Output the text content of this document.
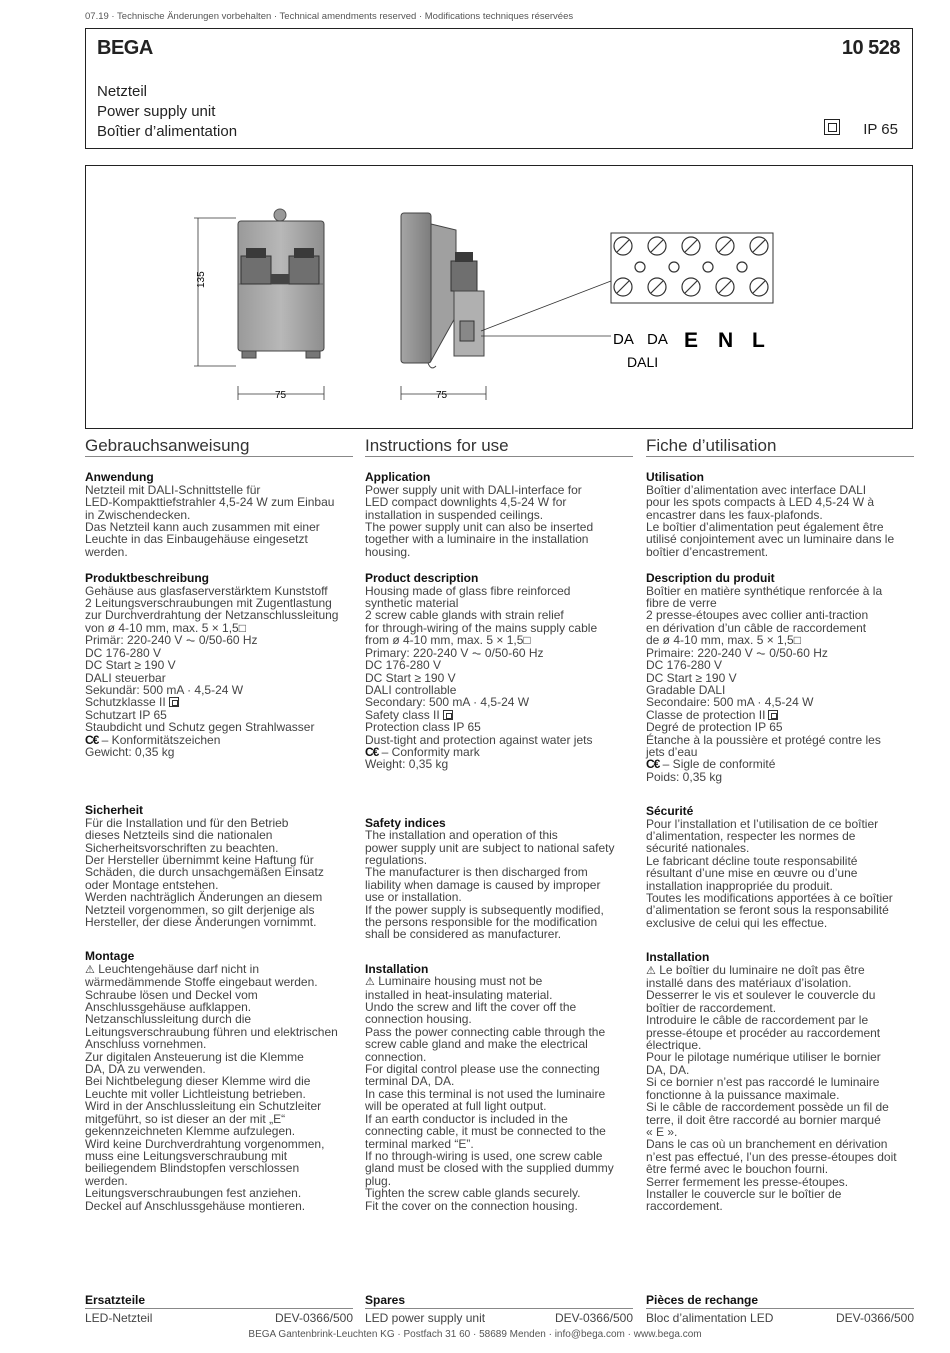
07.19 · Technische Änderungen vorbehalten · Technical amendments reserved · Modifications techniques réservées
BEGA	10 528
Netzteil
Power supply unit
Boîtier d’alimentation	IP 65
135
75	75
DA DA E N L
DALI
Gebrauchsanweisung
Anwendung

Netzteil mit DALI-Schnittstelle für
LED-Kompakttiefstrahler 4,5-24 W zum Einbau
in Zwischendecken.
Das Netzteil kann auch zusammen mit einer
Leuchte in das Einbaugehäuse eingesetzt
werden.

Produktbeschreibung

Gehäuse aus glasfaserverstärktem Kunststoff
2 Leitungsverschraubungen mit Zugentlastung
zur Durchverdrahtung der Netzanschlussleitung
von ø 4-10 mm, max. 5 × 1,5□
Primär: 220-240 V ⏦ 0/50-60 Hz
DC 176-280 V
DC Start ≥ 190 V
DALI steuerbar
Sekundär: 500 mA · 4,5-24 W

Schutzklasse II

Schutzart IP 65
Staubdicht und Schutz gegen Strahlwasser

C€ – Konformitätszeichen

Gewicht: 0,35 kg

Sicherheit

Für die Installation und für den Betrieb
dieses Netzteils sind die nationalen
Sicherheitsvorschriften zu beachten.
Der Hersteller übernimmt keine Haftung für
Schäden, die durch unsachgemäßen Einsatz
oder Montage entstehen.
Werden nachträglich Änderungen an diesem
Netzteil vorgenommen, so gilt derjenige als
Hersteller, der diese Änderungen vornimmt.

Montage

⚠ Leuchtengehäuse darf nicht in

wärmedämmende Stoffe eingebaut werden.
Schraube lösen und Deckel vom
Anschlussgehäuse aufklappen.
Netzanschlussleitung durch die
Leitungsverschraubung führen und elektrischen
Anschluss vornehmen.
Zur digitalen Ansteuerung ist die Klemme
DA, DA zu verwenden.
Bei Nichtbelegung dieser Klemme wird die
Leuchte mit voller Lichtleistung betrieben.
Wird in der Anschlussleitung ein Schutzleiter
mitgeführt, so ist dieser an der mit „E“
gekennzeichneten Klemme aufzulegen.
Wird keine Durchverdrahtung vorgenommen,
muss eine Leitungsverschraubung mit
beiliegendem Blindstopfen verschlossen
werden.
Leitungsverschraubungen fest anziehen.
Deckel auf Anschlussgehäuse montieren.

Instructions for use
Application

Power supply unit with DALI-interface for
LED compact downlights 4,5-24 W for
installation in suspended ceilings.
The power supply unit can also be inserted
together with a luminaire in the installation
housing.

Product description

Housing made of glass fibre reinforced
synthetic material
2 screw cable glands with strain relief
for through-wiring of the mains supply cable
from ø 4-10 mm, max. 5 × 1,5□
Primary: 220-240 V ⏦ 0/50-60 Hz
DC 176-280 V
DC Start ≥ 190 V
DALI controllable
Secondary: 500 mA · 4,5-24 W

Safety class II

Protection class IP 65
Dust-tight and protection against water jets

C€ – Conformity mark

Weight: 0,35 kg

Safety indices

The installation and operation of this
power supply unit are subject to national safety
regulations.
The manufacturer is then discharged from
liability when damage is caused by improper
use or installation.
If the power supply is subsequently modified,
the persons responsible for the modification
shall be considered as manufacturer.

Installation

⚠ Luminaire housing must not be

installed in heat-insulating material.
Undo the screw and lift the cover off the
connection housing.
Pass the power connecting cable through the
screw cable gland and make the electrical
connection.
For digital control please use the connecting
terminal DA, DA.
In case this terminal is not used the luminaire
will be operated at full light output.
If an earth conductor is included in the
connecting cable, it must be connected to the
terminal marked “E”.
If no through-wiring is used, one screw cable
gland must be closed with the supplied dummy
plug.
Tighten the screw cable glands securely.
Fit the cover on the connection housing.

Fiche d’utilisation
Utilisation

Boîtier d’alimentation avec interface DALI
pour les spots compacts à LED 4,5-24 W à
encastrer dans les faux-plafonds.
Le boîtier d’alimentation peut également être
utilisé conjointement avec un luminaire dans le
boîtier d’encastrement.

Description du produit

Boîtier en matière synthétique renforcée à la
fibre de verre
2 presse-étoupes avec collier anti-traction
en dérivation d’un câble de raccordement
de ø 4-10 mm, max. 5 × 1,5□
Primaire: 220-240 V ⏦ 0/50-60 Hz
DC 176-280 V
DC Start ≥ 190 V
Gradable DALI
Secondaire: 500 mA · 4,5-24 W

Classe de protection II

Degré de protection IP 65
Étanche à la poussière et protégé contre les
jets d’eau

C€ – Sigle de conformité

Poids: 0,35 kg

Sécurité

Pour l’installation et l’utilisation de ce boîtier
d’alimentation, respecter les normes de
sécurité nationales.
Le fabricant décline toute responsabilité
résultant d’une mise en œuvre ou d’une
installation inappropriée du produit.
Toutes les modifications apportées à ce boîtier
d’alimentation se feront sous la responsabilité
exclusive de celui qui les effectue.

Installation

⚠ Le boîtier du luminaire ne doît pas être

installé dans des matériaux d’isolation.
Desserrer le vis et soulever le couvercle du
boîtier de raccordement.
Introduire le câble de raccordement par le
presse-étoupe et procéder au raccordement
électrique.
Pour le pilotage numérique utiliser le bornier
DA, DA.
Si ce bornier n’est pas raccordé le luminaire
fonctionne à la puissance maximale.
Si le câble de raccordement possède un fil de
terre, il doit être raccordé au bornier marqué
« E ».
Dans le cas où un branchement en dérivation
n’est pas effectué, l’un des presse-étoupes doit
être fermé avec le bouchon fourni.
Serrer fermement les presse-étoupes.
Installer le couvercle sur le boîtier de
raccordement.

Ersatzteile
LED-Netzteil	DEV-0366/500
Spares
LED power supply unit	DEV-0366/500
Pièces de rechange
Bloc d’alimentation LED	DEV-0366/500
BEGA Gantenbrink-Leuchten KG · Postfach 31 60 · 58689 Menden · info@bega.com · www.bega.com
